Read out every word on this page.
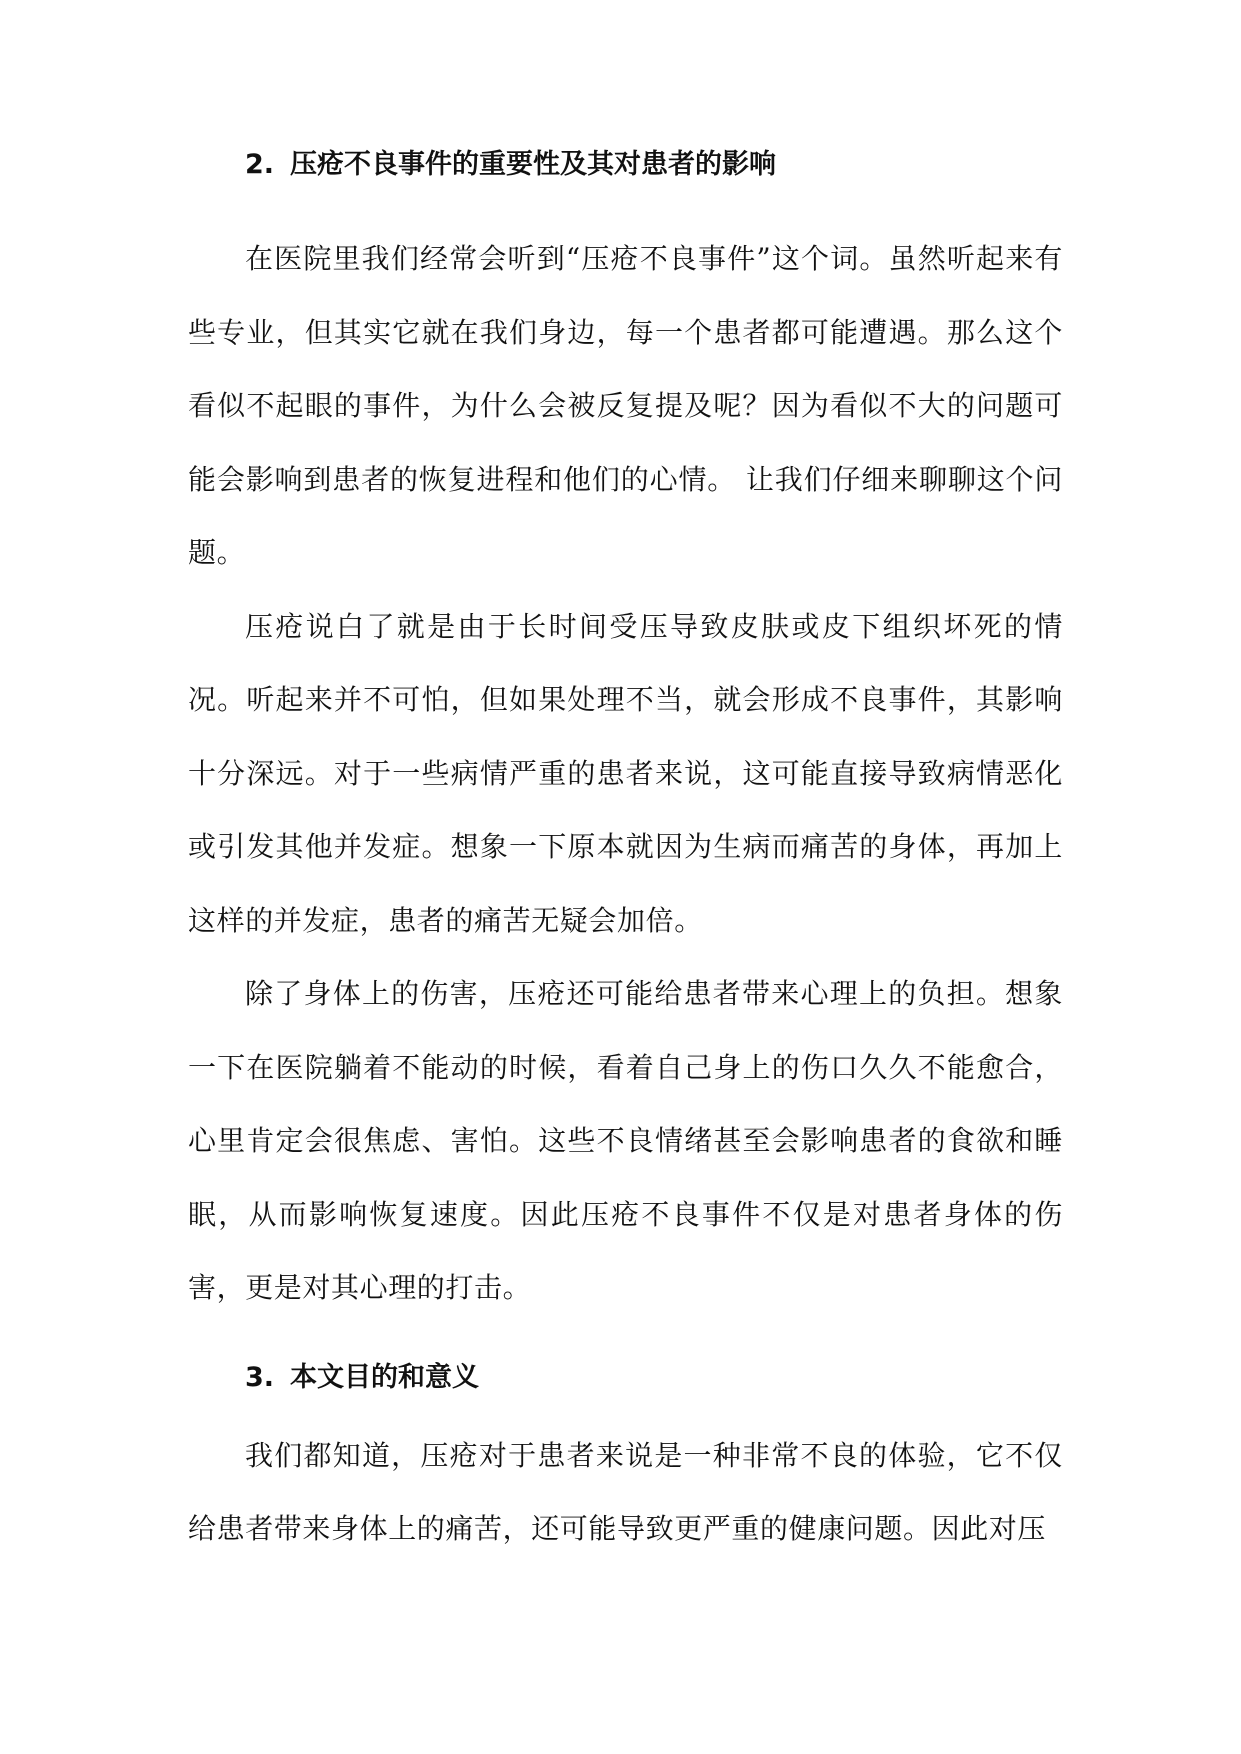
2. 压疮不良事件的重要性及其对患者的影响

在医院里我们经常会听到“压疮不良事件”这个词。虽然听起来有些专业，但其实它就在我们身边，每一个患者都可能遭遇。那么这个看似不起眼的事件，为什么会被反复提及呢？因为看似不大的问题可能会影响到患者的恢复进程和他们的心情。 让我们仔细来聊聊这个问题。

压疮说白了就是由于长时间受压导致皮肤或皮下组织坏死的情况。听起来并不可怕，但如果处理不当，就会形成不良事件，其影响十分深远。对于一些病情严重的患者来说，这可能直接导致病情恶化或引发其他并发症。想象一下原本就因为生病而痛苦的身体，再加上这样的并发症，患者的痛苦无疑会加倍。

除了身体上的伤害，压疮还可能给患者带来心理上的负担。想象一下在医院躺着不能动的时候，看着自己身上的伤口久久不能愈合，心里肯定会很焦虑、害怕。这些不良情绪甚至会影响患者的食欲和睡眠，从而影响恢复速度。因此压疮不良事件不仅是对患者身体的伤害，更是对其心理的打击。

3. 本文目的和意义

我们都知道，压疮对于患者来说是一种非常不良的体验，它不仅给患者带来身体上的痛苦，还可能导致更严重的健康问题。因此对压
